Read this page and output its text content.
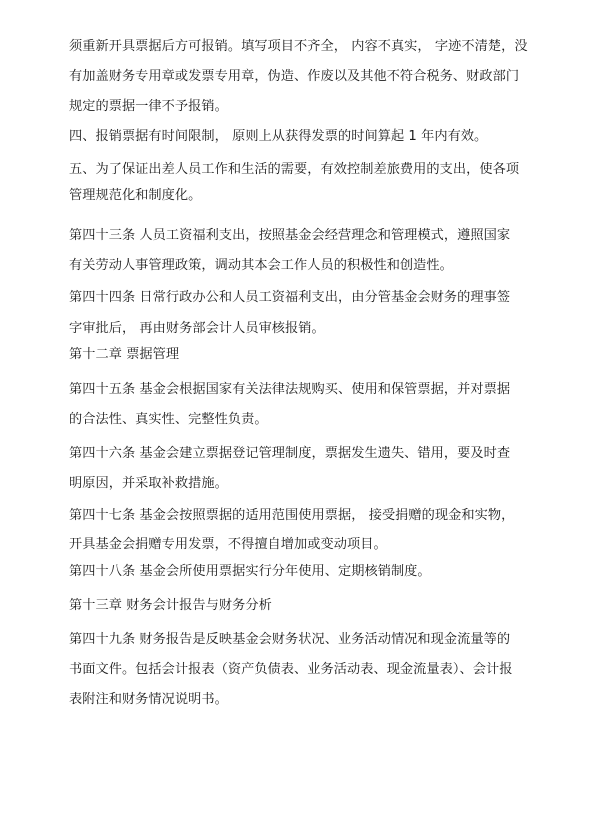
须重新开具票据后方可报销。填写项目不齐全， 内容不真实， 字迹不清楚，没
有加盖财务专用章或发票专用章，伪造、作废以及其他不符合税务、财政部门
规定的票据一律不予报销。
四、报销票据有时间限制， 原则上从获得发票的时间算起 1 年内有效。
五、为了保证出差人员工作和生活的需要，有效控制差旅费用的支出，使各项
管理规范化和制度化。
第四十三条 人员工资福利支出，按照基金会经营理念和管理模式，遵照国家
有关劳动人事管理政策，调动其本会工作人员的积极性和创造性。
第四十四条 日常行政办公和人员工资福利支出，由分管基金会财务的理事签
字审批后， 再由财务部会计人员审核报销。
第十二章 票据管理
第四十五条 基金会根据国家有关法律法规购买、使用和保管票据，并对票据
的合法性、真实性、完整性负责。
第四十六条 基金会建立票据登记管理制度，票据发生遗失、错用，要及时查
明原因，并采取补救措施。
第四十七条 基金会按照票据的适用范围使用票据， 接受捐赠的现金和实物，
开具基金会捐赠专用发票，不得擅自增加或变动项目。
第四十八条 基金会所使用票据实行分年使用、定期核销制度。
第十三章 财务会计报告与财务分析
第四十九条 财务报告是反映基金会财务状况、业务活动情况和现金流量等的
书面文件。包括会计报表（资产负债表、业务活动表、现金流量表）、会计报
表附注和财务情况说明书。
